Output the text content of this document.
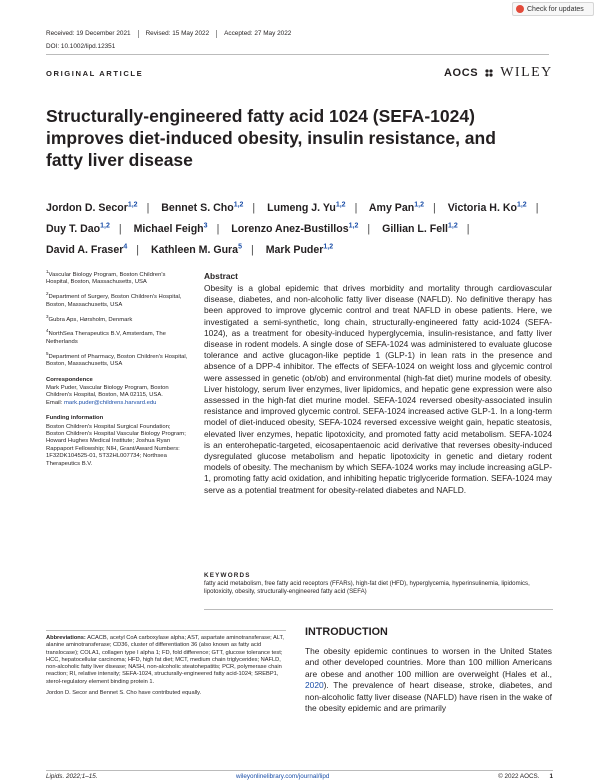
Check for updates
Received: 19 December 2021	Revised: 15 May 2022	Accepted: 27 May 2022
DOI: 10.1002/lipd.12351
ORIGINAL ARTICLE	AOCS WILEY
Structurally-engineered fatty acid 1024 (SEFA-1024) improves diet-induced obesity, insulin resistance, and fatty liver disease
Jordon D. Secor$^{1,2}$ | Bennet S. Cho$^{1,2}$ | Lumeng J. Yu$^{1,2}$ | Amy Pan$^{1,2}$ | Victoria H. Ko$^{1,2}$ | Duy T. Dao$^{1,2}$ | Michael Feigh$^3$ | Lorenzo Anez-Bustillos$^{1,2}$ | Gillian L. Fell$^{1,2}$ | David A. Fraser$^4$ | Kathleen M. Gura$^5$ | Mark Puder$^{1,2}$
$^1$Vascular Biology Program, Boston Children's Hospital, Boston, Massachusetts, USA
$^2$Department of Surgery, Boston Children's Hospital, Boston, Massachusetts, USA
$^3$Gubra Aps, Hørsholm, Denmark
$^4$NorthSea Therapeutics B.V, Amsterdam, The Netherlands
$^5$Department of Pharmacy, Boston Children's Hospital, Boston, Massachusetts, USA
Correspondence
Mark Puder, Vascular Biology Program, Boston Children's Hospital, Boston, MA 02115, USA.
Email: mark.puder@childrens.harvard.edu
Funding information
Boston Children's Hospital Surgical Foundation; Boston Children's Hospital Vascular Biology Program; Howard Hughes Medical Institute; Joshua Ryan Rappaport Fellowship; NIH, Grant/Award Numbers: 1F32DK104525-01, 5T32HL007734; Northsea Therapeutics B.V.
Abstract

Obesity is a global epidemic that drives morbidity and mortality through cardiovascular disease, diabetes, and non-alcoholic fatty liver disease (NAFLD). No definitive therapy has been approved to improve glycemic control and treat NAFLD in obese patients. Here, we investigated a semi-synthetic, long chain, structurally-engineered fatty acid-1024 (SEFA-1024), as a treatment for obesity-induced hyperglycemia, insulin-resistance, and fatty liver disease in rodent models. A single dose of SEFA-1024 was administered to evaluate glucose tolerance and active glucagon-like peptide 1 (GLP-1) in lean rats in the presence and absence of a DPP-4 inhibitor. The effects of SEFA-1024 on weight loss and glycemic control were assessed in genetic (ob/ob) and environmental (high-fat diet) murine models of obesity. Liver histology, serum liver enzymes, liver lipidomics, and hepatic gene expression were also assessed in the high-fat diet murine model. SEFA-1024 reversed obesity-associated insulin resistance and improved glycemic control. SEFA-1024 increased active GLP-1. In a long-term model of diet-induced obesity, SEFA-1024 reversed excessive weight gain, hepatic steatosis, elevated liver enzymes, hepatic lipotoxicity, and promoted fatty acid metabolism. SEFA-1024 is an enterohepatic-targeted, eicosapentaenoic acid derivative that reverses obesity-induced dysregulated glucose metabolism and hepatic lipotoxicity in genetic and dietary rodent models of obesity. The mechanism by which SEFA-1024 works may include increasing aGLP-1, promoting fatty acid oxidation, and inhibiting hepatic triglyceride formation. SEFA-1024 may serve as a potential treatment for obesity-related diabetes and NAFLD.

KEYWORDS

fatty acid metabolism, free fatty acid receptors (FFARs), high-fat diet (HFD), hyperglycemia, hyperinsulinemia, lipidomics, lipotoxicity, obesity, structurally-engineered fatty acid (SEFA)

Abbreviations: ACACB, acetyl CoA carboxylase alpha; AST, aspartate aminotransferase; ALT, alanine aminotransferase; CD36, cluster of differentiation 36 (also known as fatty acid translocase); COLA1, collagen type I alpha 1; FD, fold difference; GTT, glucose tolerance test; HCC, hepatocellular carcinoma; HFD, high fat diet; MCT, medium chain triglycerides; NAFLD, non-alcoholic fatty liver disease; NASH, non-alcoholic steatohepatitis; PCR, polymerase chain reaction; RI, relative intensity; SEFA-1024, structurally-engineered fatty acid-1024; SREBP1, sterol-regulatory element binding protein 1.
Jordon D. Secor and Bennet S. Cho have contributed equally.
INTRODUCTION
The obesity epidemic continues to worsen in the United States and other developed countries. More than 100 million Americans are obese and another 100 million are overweight (Hales et al., 2020). The prevalence of heart disease, stroke, diabetes, and non-alcoholic fatty liver disease (NAFLD) have risen in the wake of the obesity epidemic and are primarily
Lipids. 2022;1–15.	wileyonlinelibrary.com/journal/lipd	© 2022 AOCS. 1
